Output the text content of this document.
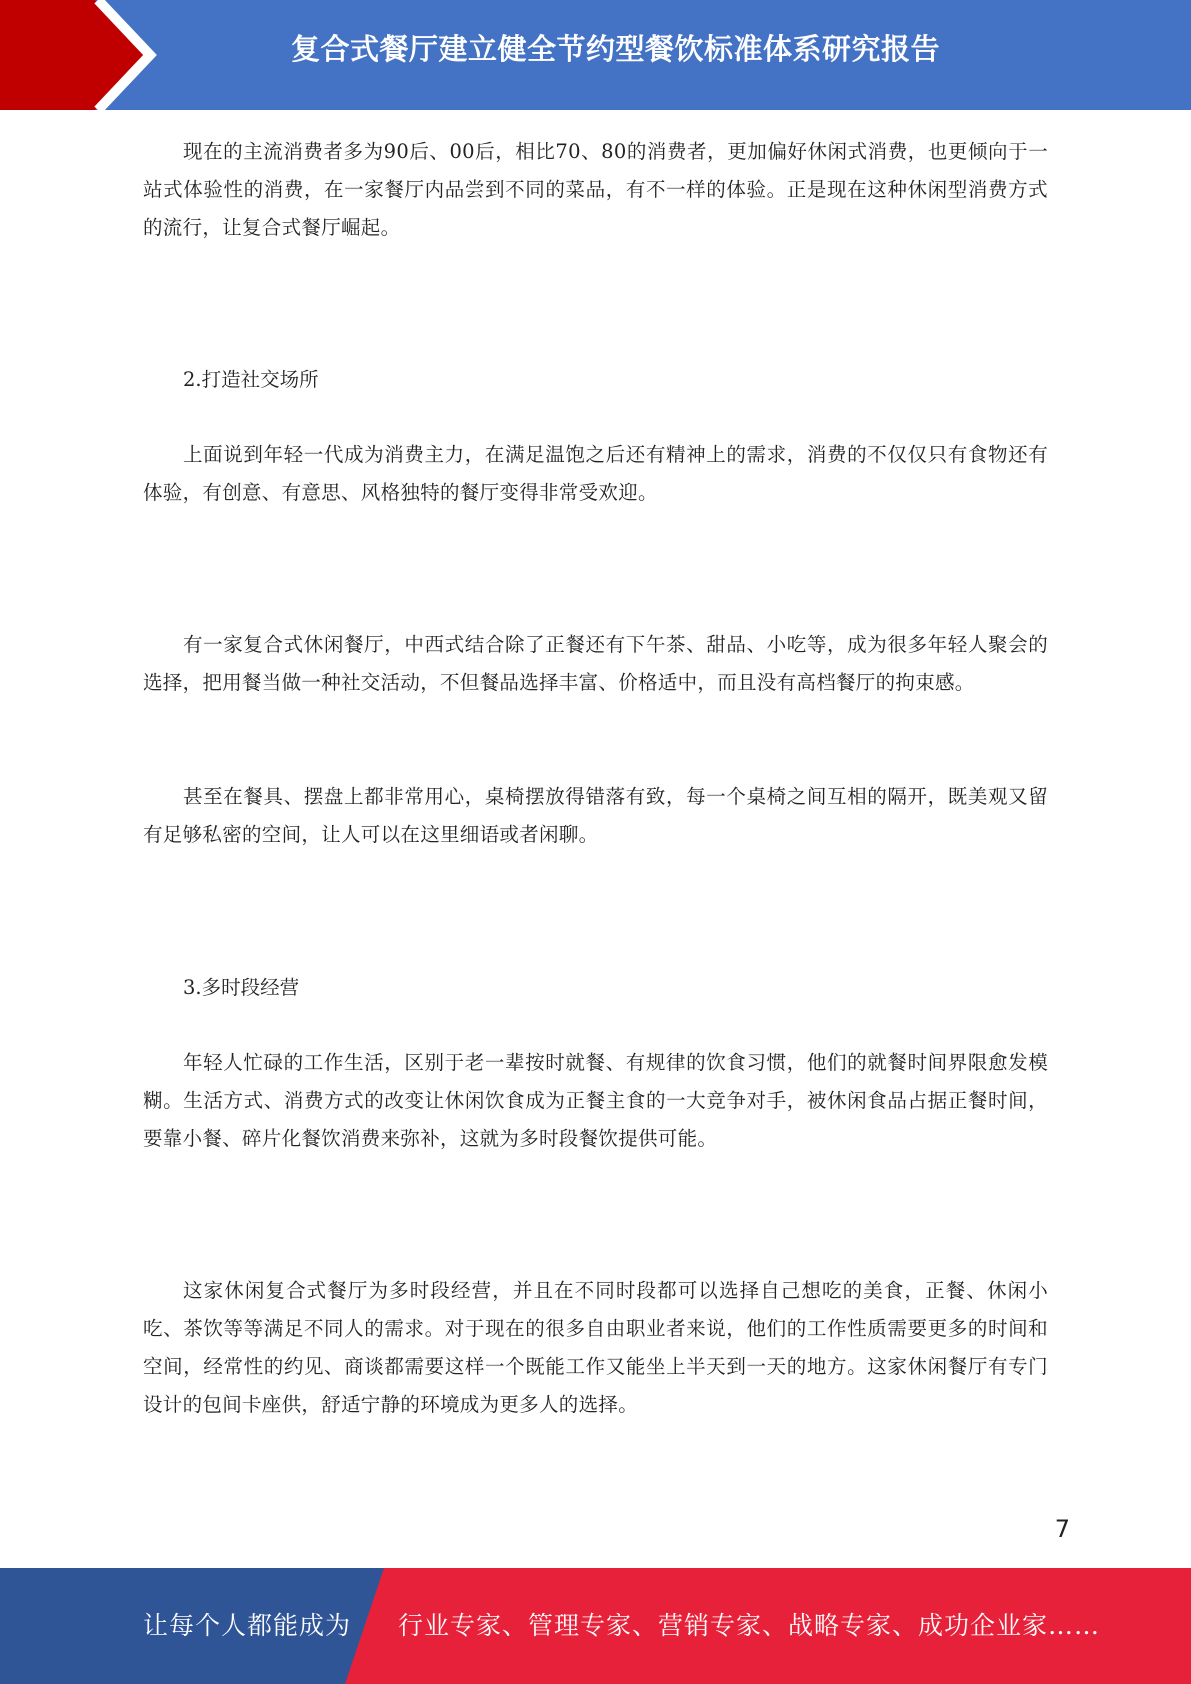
复合式餐厅建立健全节约型餐饮标准体系研究报告

现在的主流消费者多为90后、00后，相比70、80的消费者，更加偏好休闲式消费，也更倾向于一站式体验性的消费，在一家餐厅内品尝到不同的菜品，有不一样的体验。正是现在这种休闲型消费方式的流行，让复合式餐厅崛起。

2.打造社交场所

上面说到年轻一代成为消费主力，在满足温饱之后还有精神上的需求，消费的不仅仅只有食物还有体验，有创意、有意思、风格独特的餐厅变得非常受欢迎。

有一家复合式休闲餐厅，中西式结合除了正餐还有下午茶、甜品、小吃等，成为很多年轻人聚会的选择，把用餐当做一种社交活动，不但餐品选择丰富、价格适中，而且没有高档餐厅的拘束感。

甚至在餐具、摆盘上都非常用心，桌椅摆放得错落有致，每一个桌椅之间互相的隔开，既美观又留有足够私密的空间，让人可以在这里细语或者闲聊。

3.多时段经营

年轻人忙碌的工作生活，区别于老一辈按时就餐、有规律的饮食习惯，他们的就餐时间界限愈发模糊。生活方式、消费方式的改变让休闲饮食成为正餐主食的一大竞争对手，被休闲食品占据正餐时间，要靠小餐、碎片化餐饮消费来弥补，这就为多时段餐饮提供可能。

这家休闲复合式餐厅为多时段经营，并且在不同时段都可以选择自己想吃的美食，正餐、休闲小吃、茶饮等等满足不同人的需求。对于现在的很多自由职业者来说，他们的工作性质需要更多的时间和空间，经常性的约见、商谈都需要这样一个既能工作又能坐上半天到一天的地方。这家休闲餐厅有专门设计的包间卡座供，舒适宁静的环境成为更多人的选择。

7
让每个人都能成为 行业专家、管理专家、营销专家、战略专家、成功企业家……
